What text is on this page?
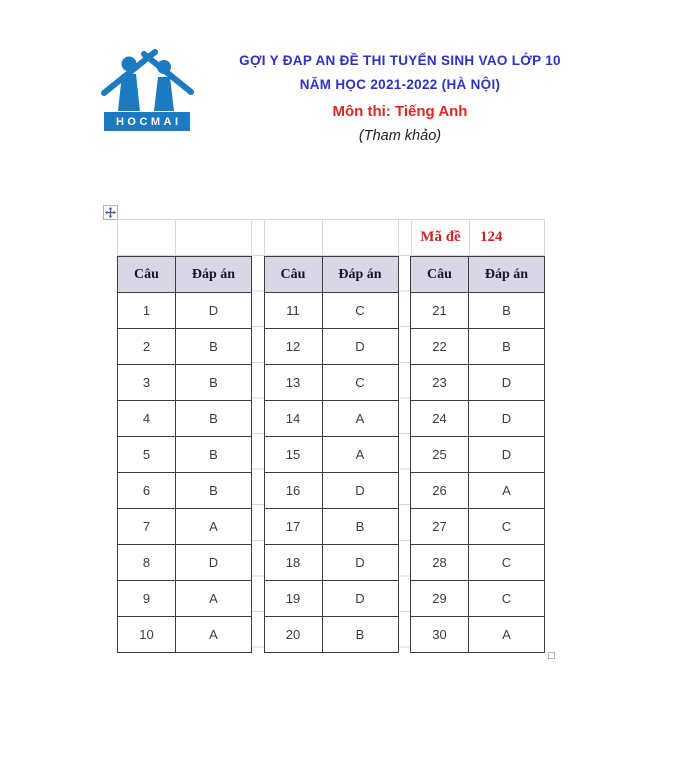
HOCMAI
GỢI Y ĐAP AN ĐỀ THI TUYỂN SINH VAO LỚP 10
NĂM HỌC 2021-2022 (HÀ NỘI)
Môn thi: Tiếng Anh
(Tham khảo)
Mã đề	124
Câu	Đáp án
1	D
2	B
3	B
4	B
5	B
6	B
7	A
8	D
9	A
10	A
Câu	Đáp án
11	C
12	D
13	C
14	A
15	A
16	D
17	B
18	D
19	D
20	B
Câu	Đáp án
21	B
22	B
23	D
24	D
25	D
26	A
27	C
28	C
29	C
30	A
